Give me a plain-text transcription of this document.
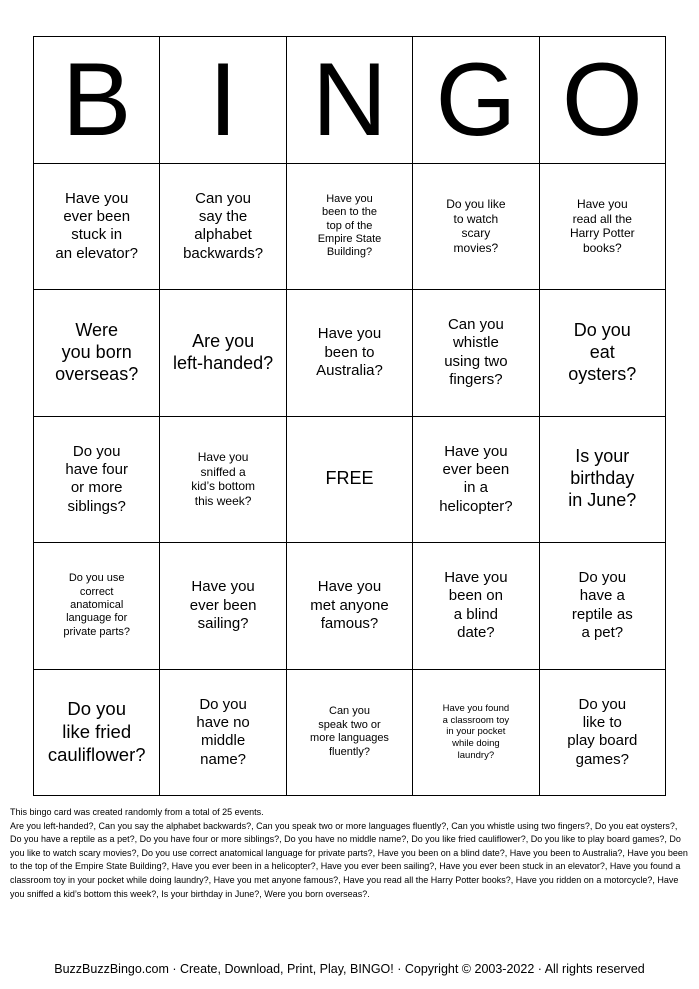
B I N G O
Have you
ever been
stuck in
an elevator?
Can you
say the
alphabet
backwards?
Have you
been to the
top of the
Empire State
Building?
Do you like
to watch
scary
movies?
Have you
read all the
Harry Potter
books?
Were
you born
overseas?
Are you
left-handed?
Have you
been to
Australia?
Can you
whistle
using two
fingers?
Do you
eat
oysters?
Do you
have four
or more
siblings?
Have you
sniffed a
kid’s bottom
this week?
FREE
Have you
ever been
in a
helicopter?
Is your
birthday
in June?
Do you use
correct
anatomical
language for
private parts?
Have you
ever been
sailing?
Have you
met anyone
famous?
Have you
been on
a blind
date?
Do you
have a
reptile as
a pet?
Do you
like fried
cauliflower?
Do you
have no
middle
name?
Can you
speak two or
more languages
fluently?
Have you found
a classroom toy
in your pocket
while doing
laundry?
Do you
like to
play board
games?

This bingo card was created randomly from a total of 25 events.

Are you left-handed?, Can you say the alphabet backwards?, Can you speak two or more languages fluently?, Can you whistle using two fingers?, Do you eat oysters?, Do you have a reptile as a pet?, Do you have four or more siblings?, Do you have no middle name?, Do you like fried cauliflower?, Do you like to play board games?, Do you like to watch scary movies?, Do you use correct anatomical language for private parts?, Have you been on a blind date?, Have you been to Australia?, Have you been to the top of the Empire State Building?, Have you ever been in a helicopter?, Have you ever been sailing?, Have you ever been stuck in an elevator?, Have you found a classroom toy in your pocket while doing laundry?, Have you met anyone famous?, Have you read all the Harry Potter books?, Have you ridden on a motorcycle?, Have you sniffed a kid’s bottom this week?, Is your birthday in June?, Were you born overseas?.

BuzzBuzzBingo.com · Create, Download, Print, Play, BINGO! · Copyright © 2003-2022 · All rights reserved
